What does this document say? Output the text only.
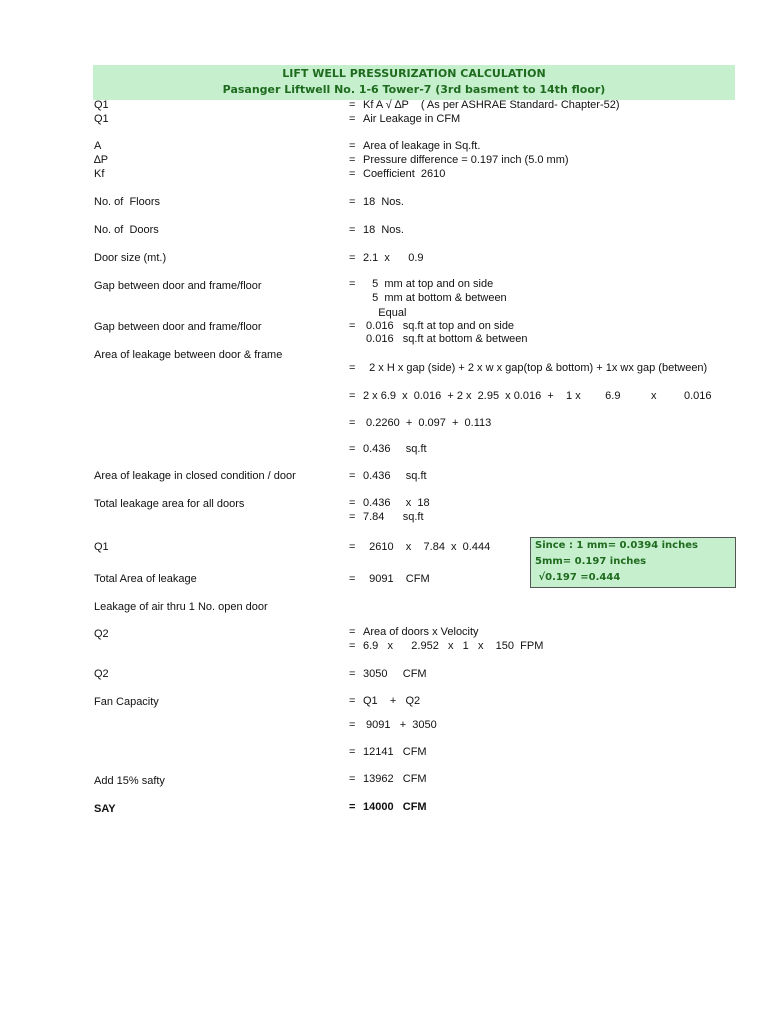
LIFT WELL PRESSURIZATION CALCULATION
Pasanger Liftwell No. 1-6 Tower-7 (3rd basment to 14th floor)
Q1	= Kf A √ ∆P    ( As per ASHRAE Standard- Chapter-52)
Q1	= Air Leakage in CFM
A	= Area of leakage in Sq.ft.
∆P	= Pressure difference = 0.197 inch (5.0 mm)
Kf	= Coefficient  2610
No. of  Floors	= 18  Nos.
No. of  Doors	= 18  Nos.
Door size (mt.)	= 2.1  x      0.9
Gap between door and frame/floor	= 5  mm at top and on side
5  mm at bottom & between
Equal
Gap between door and frame/floor	= 0.016   sq.ft at top and on side
0.016   sq.ft at bottom & between
Area of leakage between door & frame
= 2 x H x gap (side) + 2 x w x gap(top & bottom) + 1x wx gap (between)
= 2 x 6.9  x  0.016  + 2 x  2.95  x 0.016  +    1 x        6.9          x         0.016
= 0.2260  +  0.097  +  0.113
= 0.436     sq.ft
Area of leakage in closed condition / door	= 0.436     sq.ft
Total leakage area for all doors	= 0.436     x  18
= 7.84      sq.ft
Q1	= 2610    x    7.84  x  0.444
Total Area of leakage	= 9091    CFM
Leakage of air thru 1 No. open door
Q2	= Area of doors x Velocity
= 6.9   x      2.952   x   1   x    150  FPM
Q2	= 3050     CFM
Fan Capacity	= Q1    +   Q2
= 9091   +  3050
= 12141   CFM
Add 15% safty	= 13962   CFM
SAY	= 14000   CFM
Since : 1 mm= 0.0394 inches
5mm= 0.197 inches
√0.197 =0.444
